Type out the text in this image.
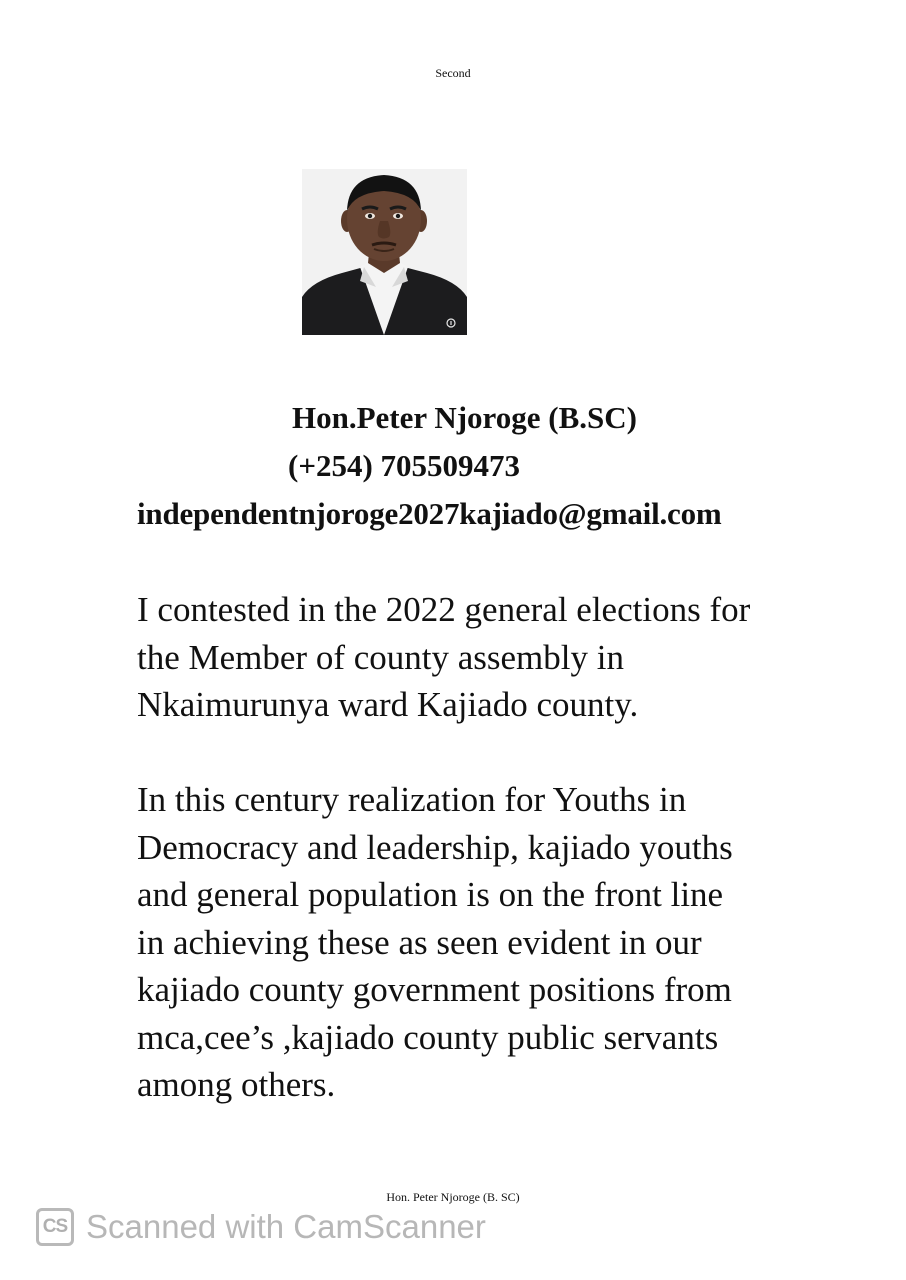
Second
Hon.Peter Njoroge (B.SC)
(+254) 705509473
independentnjoroge2027kajiado@gmail.com
I contested in the 2022 general elections for
the Member of county assembly in
Nkaimurunya ward Kajiado county.
In this century realization for Youths in
Democracy and leadership, kajiado youths
and general population is on the front line
in achieving these as seen evident in our
kajiado county government positions from
mca,cee’s ,kajiado county public servants
among others.
Hon. Peter Njoroge (B. SC)
CS Scanned with CamScanner
